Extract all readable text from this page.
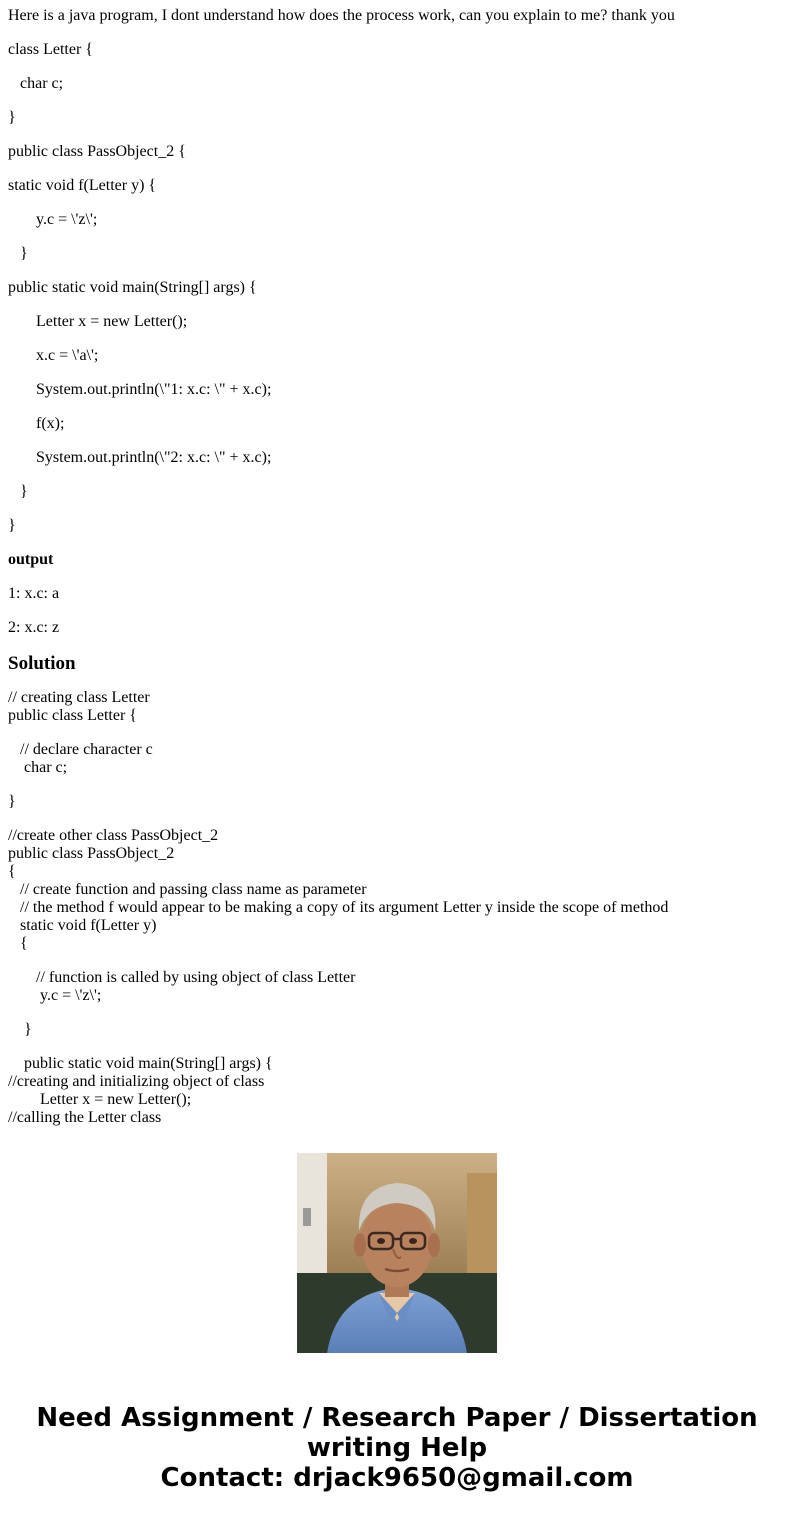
Here is a java program, I dont understand how does the process work, can you explain to me? thank you
class Letter {
char c;
}
public class PassObject_2 {
static void f(Letter y) {
y.c = \'z\';
}
public static void main(String[] args) {
Letter x = new Letter();
x.c = \'a\';
System.out.println(\"1: x.c: \" + x.c);
f(x);
System.out.println(\"2: x.c: \" + x.c);
}
}
output
1: x.c: a
2: x.c: z
Solution
// creating class Letter
public class Letter {
// declare character c
char c;
}
//create other class PassObject_2
public class PassObject_2
{
// create function and passing class name as parameter
// the method f would appear to be making a copy of its argument Letter y inside the scope of method
static void f(Letter y)
{
// function is called by using object of class Letter
y.c = \'z\';
}
public static void main(String[] args) {
//creating and initializing object of class
Letter x = new Letter();
//calling the Letter class
Need Assignment / Research Paper / Dissertation
writing Help
Contact: drjack9650@gmail.com
